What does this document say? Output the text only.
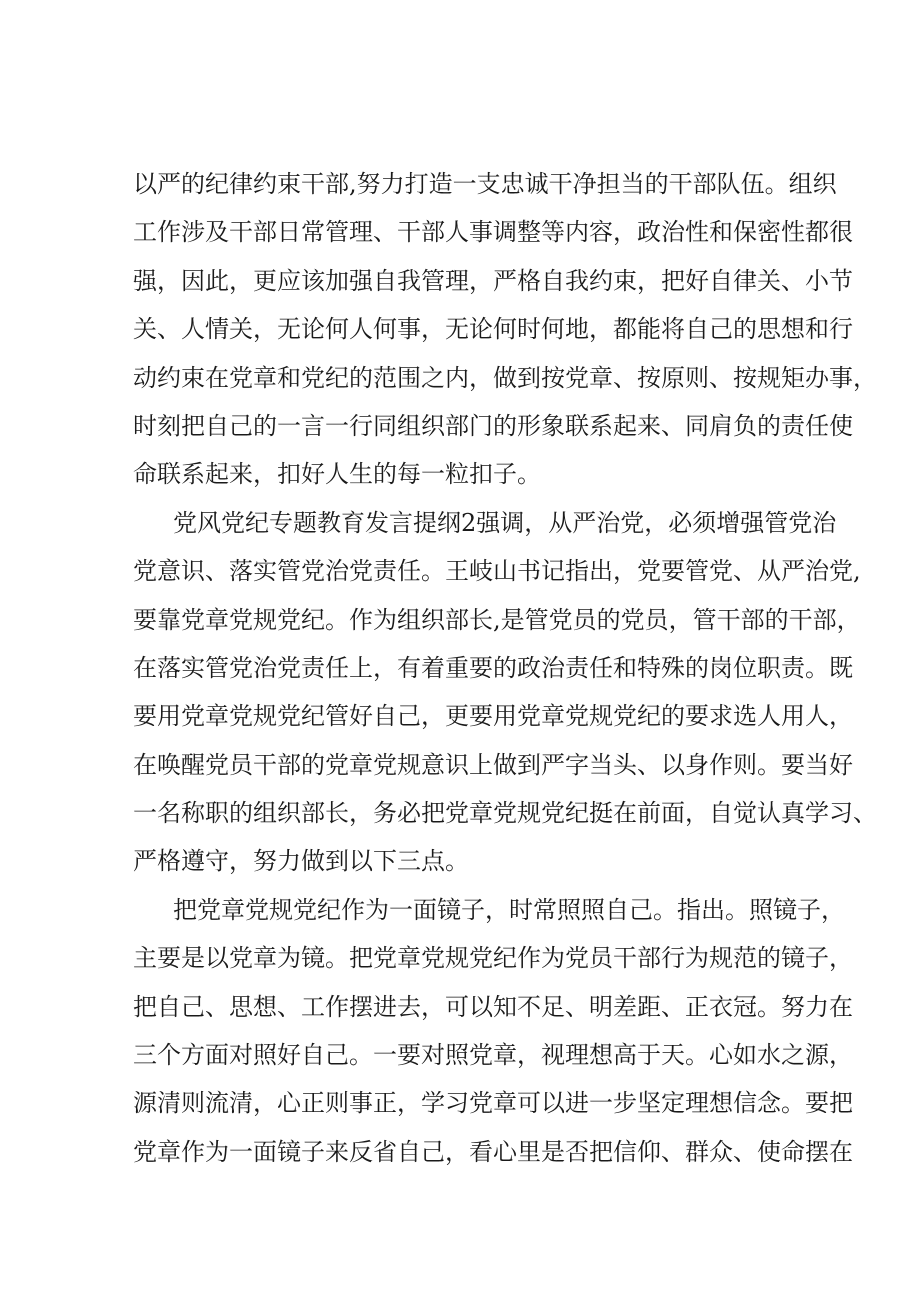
以严的纪律约束干部,努力打造一支忠诚干净担当的干部队伍。组织
工作涉及干部日常管理、干部人事调整等内容，政治性和保密性都很
强，因此，更应该加强自我管理，严格自我约束，把好自律关、小节
关、人情关，无论何人何事，无论何时何地，都能将自己的思想和行
动约束在党章和党纪的范围之内，做到按党章、按原则、按规矩办事，
时刻把自己的一言一行同组织部门的形象联系起来、同肩负的责任使
命联系起来，扣好人生的每一粒扣子。
党风党纪专题教育发言提纲2强调，从严治党，必须增强管党治
党意识、落实管党治党责任。王岐山书记指出，党要管党、从严治党,
要靠党章党规党纪。作为组织部长,是管党员的党员，管干部的干部，
在落实管党治党责任上，有着重要的政治责任和特殊的岗位职责。既
要用党章党规党纪管好自己，更要用党章党规党纪的要求选人用人，
在唤醒党员干部的党章党规意识上做到严字当头、以身作则。要当好
一名称职的组织部长，务必把党章党规党纪挺在前面，自觉认真学习、
严格遵守，努力做到以下三点。
把党章党规党纪作为一面镜子，时常照照自己。指出。照镜子，
主要是以党章为镜。把党章党规党纪作为党员干部行为规范的镜子，
把自己、思想、工作摆进去，可以知不足、明差距、正衣冠。努力在
三个方面对照好自己。一要对照党章，视理想高于天。心如水之源，
源清则流清，心正则事正，学习党章可以进一步坚定理想信念。要把
党章作为一面镜子来反省自己，看心里是否把信仰、群众、使命摆在
